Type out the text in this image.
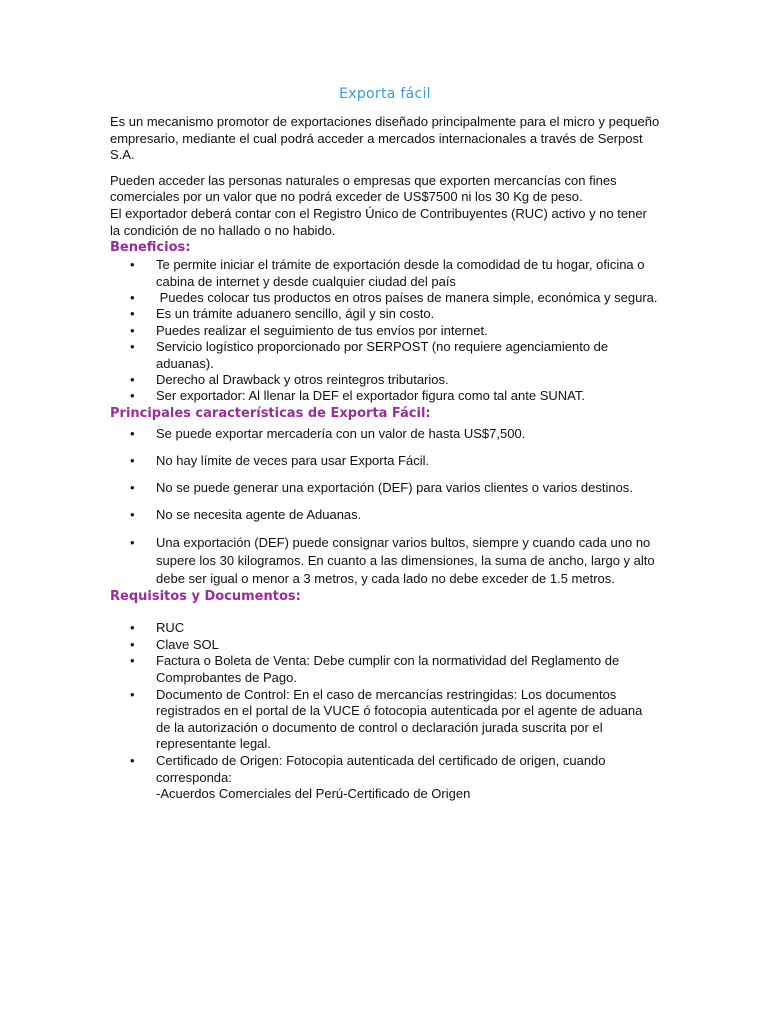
Exporta fácil

Es un mecanismo promotor de exportaciones diseñado principalmente para el micro y pequeño empresario, mediante el cual podrá acceder a mercados internacionales a través de Serpost S.A.

Pueden acceder las personas naturales o empresas que exporten mercancías con fines comerciales por un valor que no podrá exceder de US$7500 ni los 30 Kg de peso.

El exportador deberá contar con el Registro Único de Contribuyentes (RUC) activo y no tener la condición de no hallado o no habido.

Beneficios:
•	Te permite iniciar el trámite de exportación desde la comodidad de tu hogar, oficina o cabina de internet y desde cualquier ciudad del país
•	Puedes colocar tus productos en otros países de manera simple, económica y segura.
•	Es un trámite aduanero sencillo, ágil y sin costo.
•	Puedes realizar el seguimiento de tus envíos por internet.
•	Servicio logístico proporcionado por SERPOST (no requiere agenciamiento de aduanas).
•	Derecho al Drawback y otros reintegros tributarios.
•	Ser exportador: Al llenar la DEF el exportador figura como tal ante SUNAT.
Principales características de Exporta Fácil:
•	Se puede exportar mercadería con un valor de hasta US$7,500.
•	No hay límite de veces para usar Exporta Fácil.
•	No se puede generar una exportación (DEF) para varios clientes o varios destinos.
•	No se necesita agente de Aduanas.
•	Una exportación (DEF) puede consignar varios bultos, siempre y cuando cada uno no supere los 30 kilogramos. En cuanto a las dimensiones, la suma de ancho, largo y alto debe ser igual o menor a 3 metros, y cada lado no debe exceder de 1.5 metros.
Requisitos y Documentos:
•	RUC
•	Clave SOL
•	Factura o Boleta de Venta: Debe cumplir con la normatividad del Reglamento de Comprobantes de Pago.
•	Documento de Control: En el caso de mercancías restringidas: Los documentos registrados en el portal de la VUCE ó fotocopia autenticada por el agente de aduana de la autorización o documento de control o declaración jurada suscrita por el representante legal.
•	Certificado de Origen: Fotocopia autenticada del certificado de origen, cuando corresponda:
-Acuerdos Comerciales del Perú-Certificado de Origen
